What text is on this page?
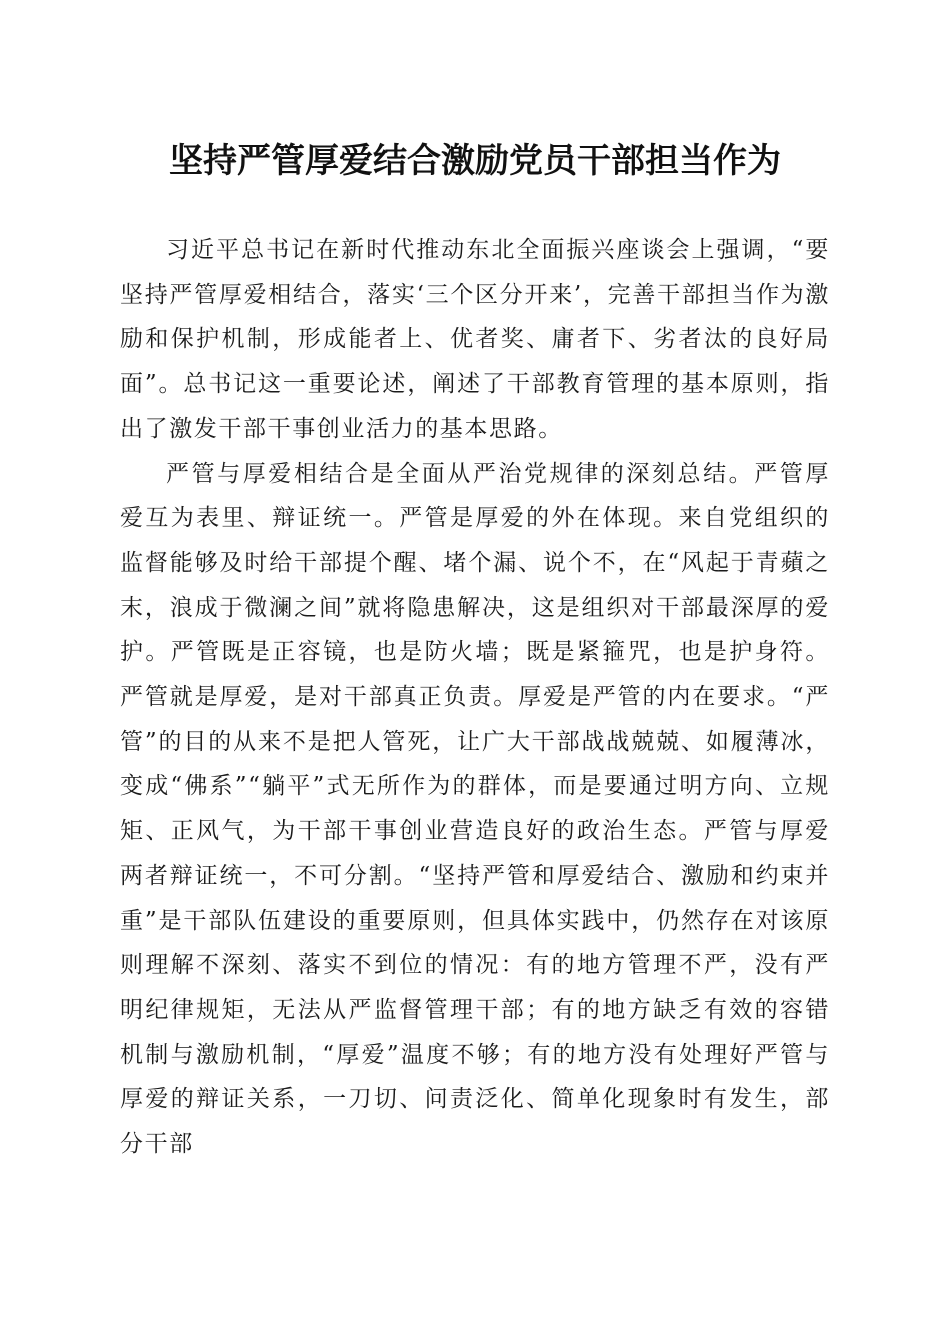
坚持严管厚爱结合激励党员干部担当作为

习近平总书记在新时代推动东北全面振兴座谈会上强调，“要坚持严管厚爱相结合，落实‘三个区分开来’，完善干部担当作为激励和保护机制，形成能者上、优者奖、庸者下、劣者汰的良好局面”。总书记这一重要论述，阐述了干部教育管理的基本原则，指出了激发干部干事创业活力的基本思路。

严管与厚爱相结合是全面从严治党规律的深刻总结。严管厚爱互为表里、辩证统一。严管是厚爱的外在体现。来自党组织的监督能够及时给干部提个醒、堵个漏、说个不，在“风起于青蘋之末，浪成于微澜之间”就将隐患解决，这是组织对干部最深厚的爱护。严管既是正容镜，也是防火墙；既是紧箍咒，也是护身符。严管就是厚爱，是对干部真正负责。厚爱是严管的内在要求。“严管”的目的从来不是把人管死，让广大干部战战兢兢、如履薄冰，变成“佛系”“躺平”式无所作为的群体，而是要通过明方向、立规矩、正风气，为干部干事创业营造良好的政治生态。严管与厚爱两者辩证统一，不可分割。“坚持严管和厚爱结合、激励和约束并重”是干部队伍建设的重要原则，但具体实践中，仍然存在对该原则理解不深刻、落实不到位的情况：有的地方管理不严，没有严明纪律规矩，无法从严监督管理干部；有的地方缺乏有效的容错机制与激励机制，“厚爱”温度不够；有的地方没有处理好严管与厚爱的辩证关系，一刀切、问责泛化、简单化现象时有发生，部分干部
